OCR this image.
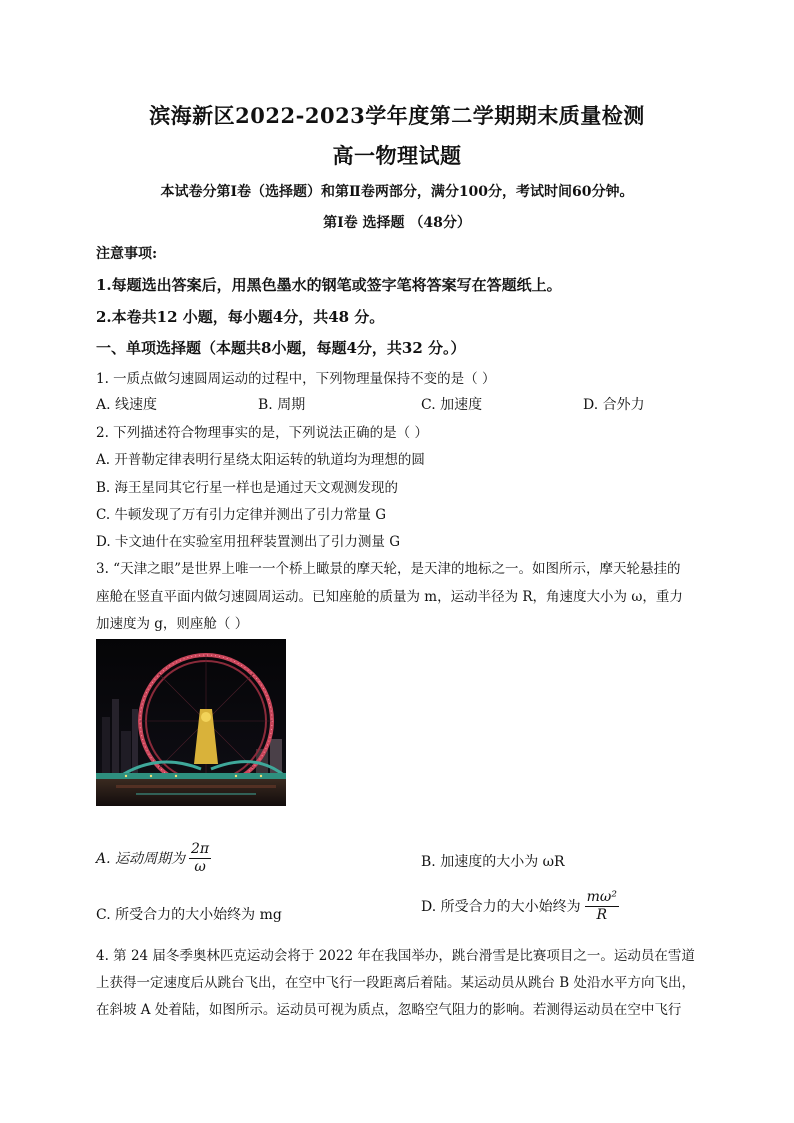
滨海新区2022-2023学年度第二学期期末质量检测
高一物理试题
本试卷分第Ⅰ卷（选择题）和第Ⅱ卷两部分，满分100分，考试时间60分钟。
第Ⅰ卷 选择题 （48分）
注意事项:
1.每题选出答案后，用黑色墨水的钢笔或签字笔将答案写在答题纸上。
2.本卷共12 小题，每小题4分，共48 分。
一、单项选择题（本题共8小题，每题4分，共32 分。）
1. 一质点做匀速圆周运动的过程中，下列物理量保持不变的是（ ）
A. 线速度	B. 周期	C. 加速度	D. 合外力
2. 下列描述符合物理事实的是，下列说法正确的是（ ）
A. 开普勒定律表明行星绕太阳运转的轨道均为理想的圆
B. 海王星同其它行星一样也是通过天文观测发现的
C. 牛顿发现了万有引力定律并测出了引力常量 G
D. 卡文迪什在实验室用扭秤装置测出了引力测量 G
3. “天津之眼”是世界上唯一一个桥上瞰景的摩天轮，是天津的地标之一。如图所示，摩天轮悬挂的
座舱在竖直平面内做匀速圆周运动。已知座舱的质量为 m，运动半径为 R，角速度大小为 ω，重力
加速度为 g，则座舱（ ）
A. 运动周期为 $\frac{2\pi}{\omega}$	B. 加速度的大小为 ωR
C. 所受合力的大小始终为 mg
D. 所受合力的大小始终为 $\frac{\text{mω²}}{R}$
4. 第 24 届冬季奥林匹克运动会将于 2022 年在我国举办，跳台滑雪是比赛项目之一。运动员在雪道
上获得一定速度后从跳台飞出，在空中飞行一段距离后着陆。某运动员从跳台 B 处沿水平方向飞出，
在斜坡 A 处着陆，如图所示。运动员可视为质点，忽略空气阻力的影响。若测得运动员在空中飞行
